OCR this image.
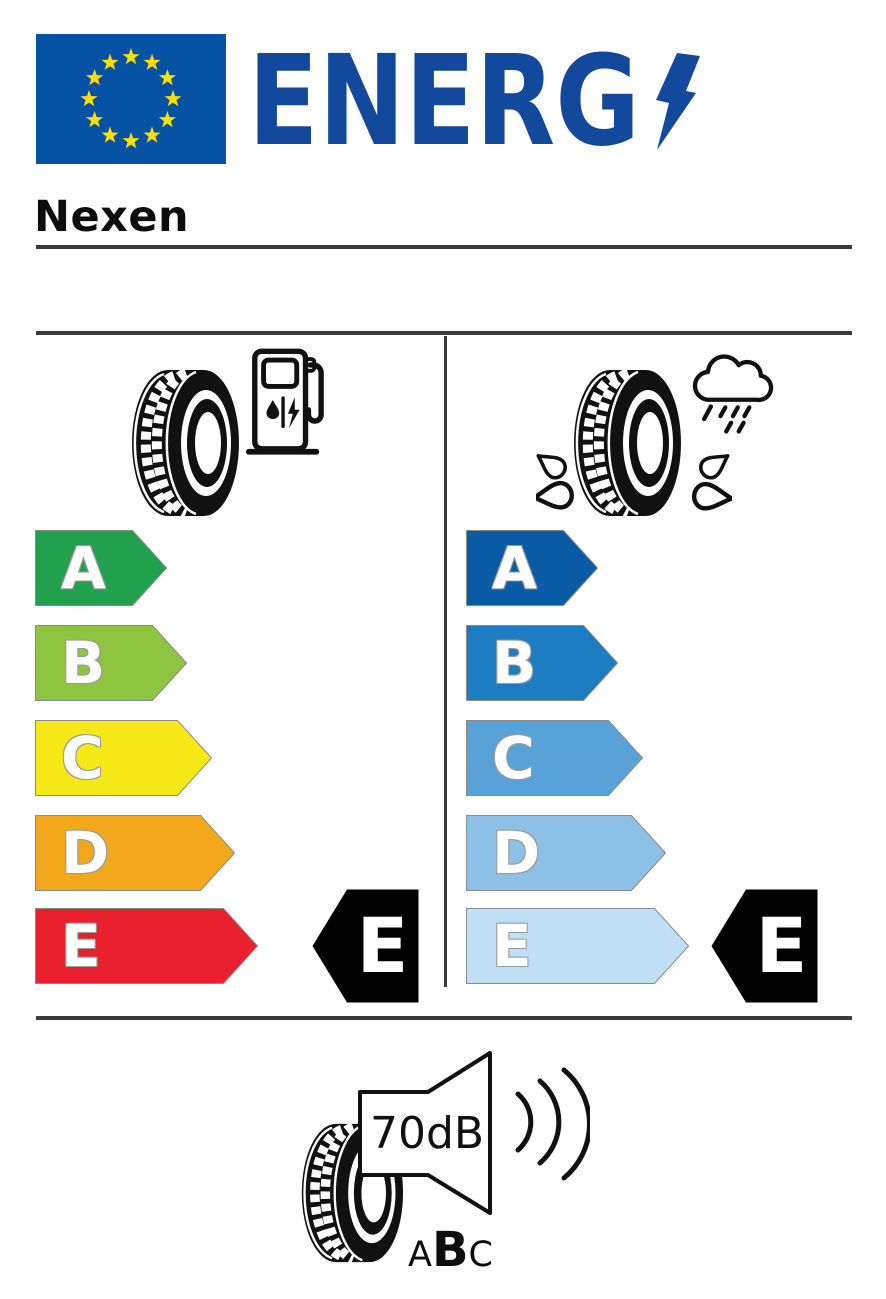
ENERG
Nexen
A
B
C
D
E	E
A
B
C
D
E	E
70dB
A B C
